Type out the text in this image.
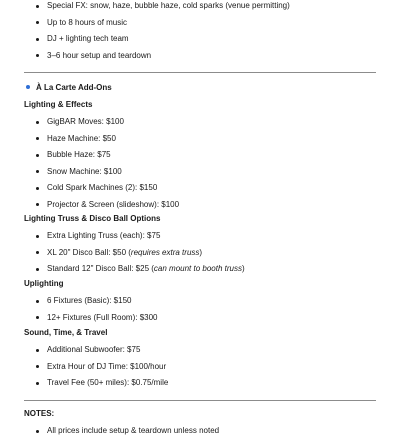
Special FX: snow, haze, bubble haze, cold sparks (venue permitting)
Up to 8 hours of music
DJ + lighting tech team
3–6 hour setup and teardown
À La Carte Add-Ons
Lighting & Effects
GigBAR Moves: $100
Haze Machine: $50
Bubble Haze: $75
Snow Machine: $100
Cold Spark Machines (2): $150
Projector & Screen (slideshow): $100
Lighting Truss & Disco Ball Options
Extra Lighting Truss (each): $75
XL 20" Disco Ball: $50 (requires extra truss)
Standard 12" Disco Ball: $25 (can mount to booth truss)
Uplighting
6 Fixtures (Basic): $150
12+ Fixtures (Full Room): $300
Sound, Time, & Travel
Additional Subwoofer: $75
Extra Hour of DJ Time: $100/hour
Travel Fee (50+ miles): $0.75/mile
NOTES:
All prices include setup & teardown unless noted
